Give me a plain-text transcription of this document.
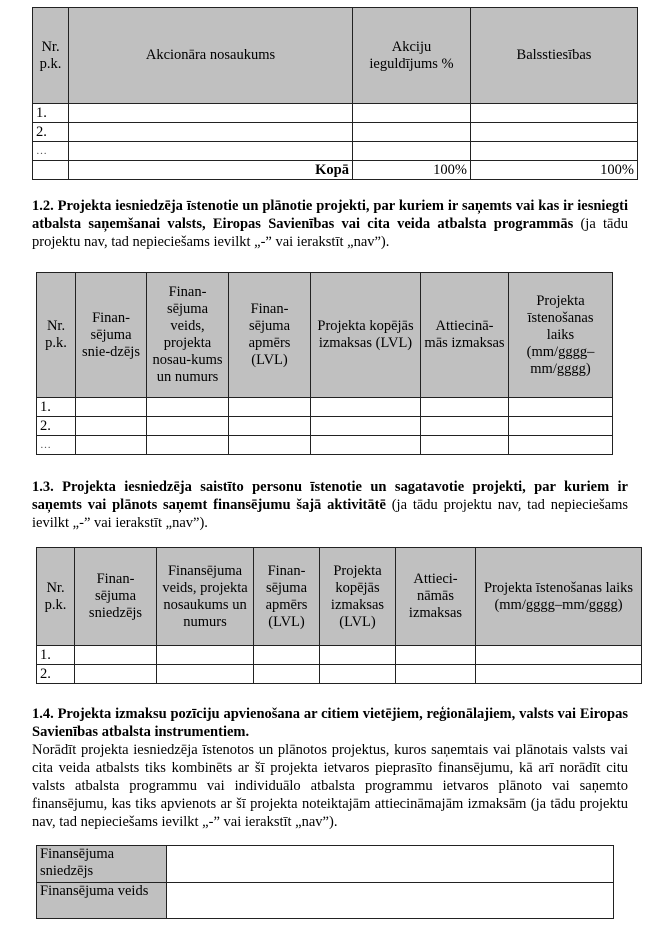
Nr. p.k.	Akcionāra nosaukums	Akciju ieguldījums %	Balsstiesības
1.			
2.			
…			
	Kopā	100%	100%
1.2. Projekta iesniedzēja īstenotie un plānotie projekti, par kuriem ir saņemts vai kas ir iesniegti atbalsta saņemšanai valsts, Eiropas Savienības vai cita veida atbalsta programmās (ja tādu projektu nav, tad nepieciešams ievilkt „-” vai ierakstīt „nav”).
Nr. p.k.	Finan-sējuma snie-dzējs	Finan-sējuma veids, projekta nosau-kums un numurs	Finan-sējuma apmērs (LVL)	Projekta kopējās izmaksas (LVL)	Attiecinā-mās izmaksas	Projekta īstenošanas laiks (mm/gggg–mm/gggg)
1.						
2.						
…						
1.3. Projekta iesniedzēja saistīto personu īstenotie un sagatavotie projekti, par kuriem ir saņemts vai plānots saņemt finansējumu šajā aktivitātē (ja tādu projektu nav, tad nepieciešams ievilkt „-” vai ierakstīt „nav”).
Nr. p.k.	Finan-sējuma sniedzējs	Finansējuma veids, projekta nosaukums un numurs	Finan-sējuma apmērs (LVL)	Projekta kopējās izmaksas (LVL)	Attieci-nāmās izmaksas	Projekta īstenošanas laiks (mm/gggg–mm/gggg)
1.						
2.						
1.4. Projekta izmaksu pozīciju apvienošana ar citiem vietējiem, reģionālajiem, valsts vai Eiropas Savienības atbalsta instrumentiem.
Norādīt projekta iesniedzēja īstenotos un plānotos projektus, kuros saņemtais vai plānotais valsts vai cita veida atbalsts tiks kombinēts ar šī projekta ietvaros pieprasīto finansējumu, kā arī norādīt citu valsts atbalsta programmu vai individuālo atbalsta programmu ietvaros plānoto vai saņemto finansējumu, kas tiks apvienots ar šī projekta noteiktajām attiecināmajām izmaksām (ja tādu projektu nav, tad nepieciešams ievilkt „-” vai ierakstīt „nav”).
Finansējuma sniedzējs	
Finansējuma veids	
